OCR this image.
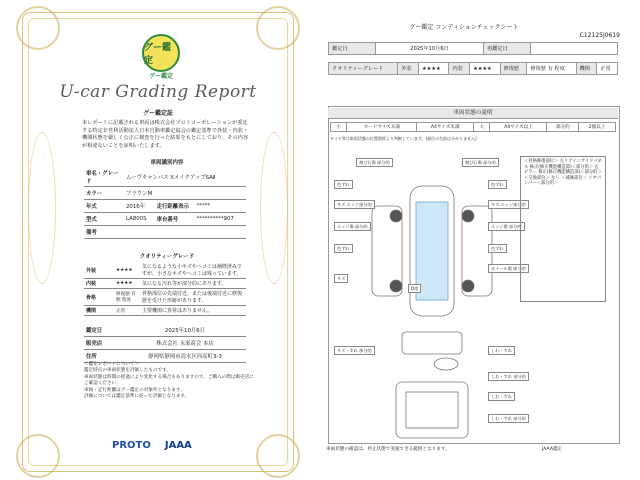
グー鑑定
グー鑑定
U-car Grading Report
グー鑑定証
本レポートに記載される車両は株式会社プロトコーポレーションが委託する特定非営利活動法人日本自動車鑑定協会の鑑定基準で外装・内装・機関状態を厳しく公正に検査を行った結果をもとにしており、その内容が相違ないことを証明いたします。
車両識別内容
車名・グレード	ムーヴキャンバス XメイクアップSAⅡ		
カラー	ブラウンM		
年式	2016年	走行距離表示	*****
型式	LA800S	車台番号	**********907
備考			
クオリティーグレード
外装	★★★★	気になるような小キズやヘコミは補修済みですが、小さなキズやヘコミは残っています。
内装	★★★★	気になる汚れ等が部分的にあります。
骨格	修復歴 有無 程度	骨格部位の先端付近、または後端付近に修復歴を受けた形跡があります。
機関	正常	主要機関に異常はありません。
鑑定日	2025年10月6日
販売店	株式会社 永楽商会 本店
住所	静岡県静岡市清水区西高町3-3
＜鑑定レポートについて＞
鑑定時点の車両状態を評価したものです。
車両状態は時間の経過により変化する場合もありますので、ご購入の際は販売店にご確認ください。
車検・走行距離はグー鑑定の対象外となります。
評価については鑑定基準に従った評価となります。
PROTO JAAA
グー鑑定 コンディションチェックシート
C12125J0619
鑑定日	2025年10月6日	再鑑定日	
クオリティーグレード	外装	★★★★	内装	★★★★	修復歴	修復歴 有 程度	機関	正常
車両状態の説明
小	カードサイズ未満	A4サイズ未満	大	A4サイズ以上	部分的	2個以上
タイヤ等は車両状態の位置関係より判断しています。(部位の名前は分かりません)
飛び石傷 部分的	飛び石傷 部分的
色ずれ	色ずれ
キズ エッジ部分的	キズ エッジ部分的
エッジ傷 部分的	エッジ傷 部分的
色ずれ	色ずれ
ホイール傷 部分的
キズ
D席
キズ・すれ 部分的	しわ・すれ
しわ・すれ 部分的
しわ・すれ
しわ・すれ 部分的
＜骨格修復部位＞ 左リアインサイドパネル 修正(修正機能構造部)＜部分的＞ 左ピラー 修正(修正機能構造部)＜部分的＞ ＜交換部位＞ なし ＜補修部位＞ リヤパンパー＜部分的＞
車両状態の確認は、停止状態で実施できる範囲となります。	JAAA鑑定
